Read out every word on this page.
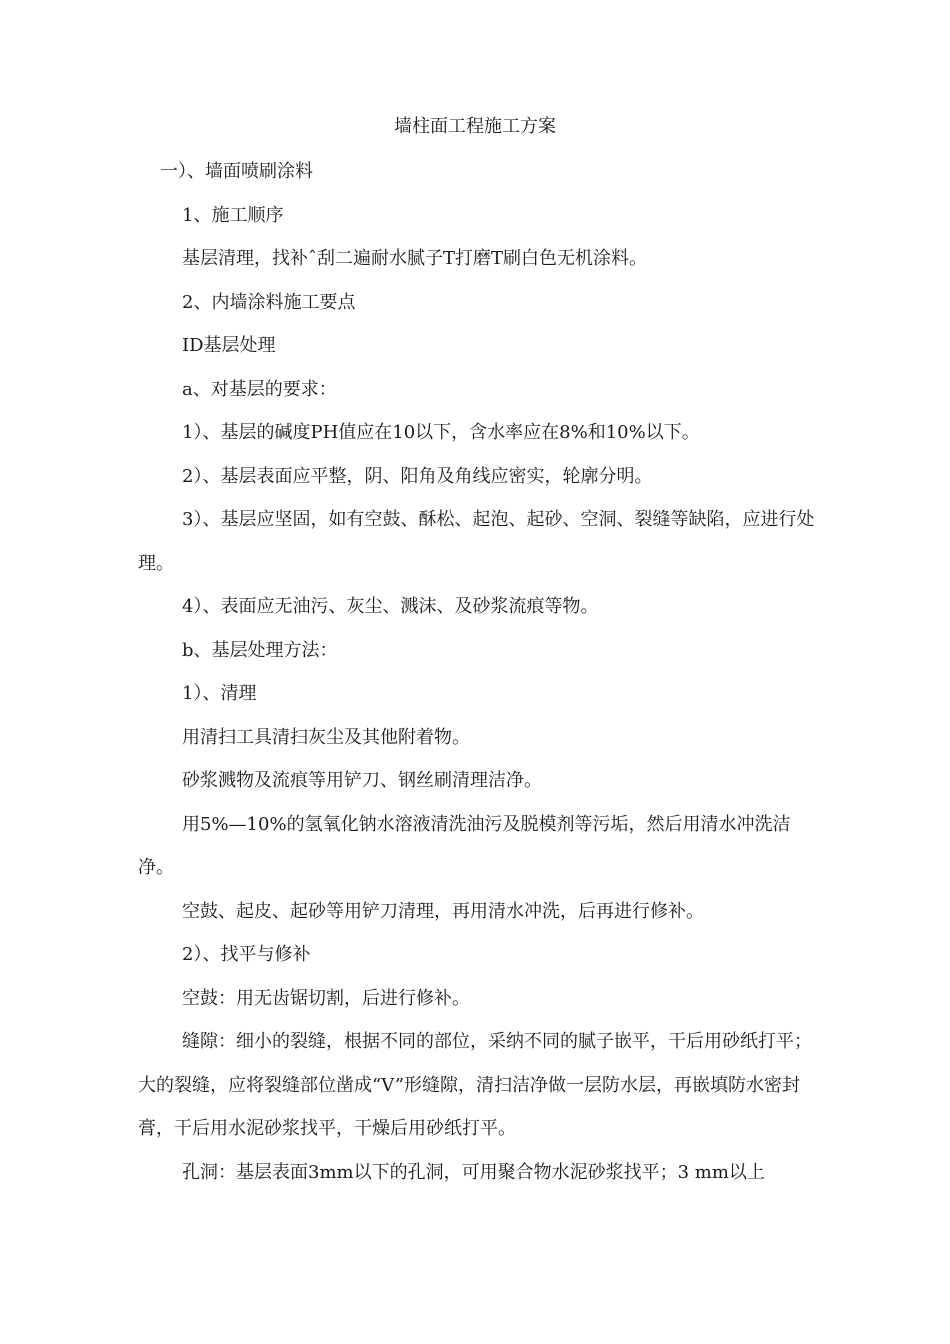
墙柱面工程施工方案

一）、墙面喷刷涂料

1、施工顺序

基层清理，找补ˆ刮二遍耐水腻子T打磨T刷白色无机涂料。

2、内墙涂料施工要点

ID基层处理

a、对基层的要求：

1）、基层的碱度PH值应在10以下，含水率应在8%和10%以下。

2）、基层表面应平整，阴、阳角及角线应密实，轮廓分明。

3）、基层应坚固，如有空鼓、酥松、起泡、起砂、空洞、裂缝等缺陷，应进行处理。

4）、表面应无油污、灰尘、溅沫、及砂浆流痕等物。

b、基层处理方法：

1）、清理

用清扫工具清扫灰尘及其他附着物。

砂浆溅物及流痕等用铲刀、钢丝刷清理洁净。

用5%—10%的氢氧化钠水溶液清洗油污及脱模剂等污垢，然后用清水冲洗洁净。

空鼓、起皮、起砂等用铲刀清理，再用清水冲洗，后再进行修补。

2）、找平与修补

空鼓：用无齿锯切割，后进行修补。

缝隙：细小的裂缝，根据不同的部位，采纳不同的腻子嵌平，干后用砂纸打平；大的裂缝，应将裂缝部位凿成“V”形缝隙，清扫洁净做一层防水层，再嵌填防水密封膏，干后用水泥砂浆找平，干燥后用砂纸打平。

孔洞：基层表面3mm以下的孔洞，可用聚合物水泥砂浆找平；3 mm以上
